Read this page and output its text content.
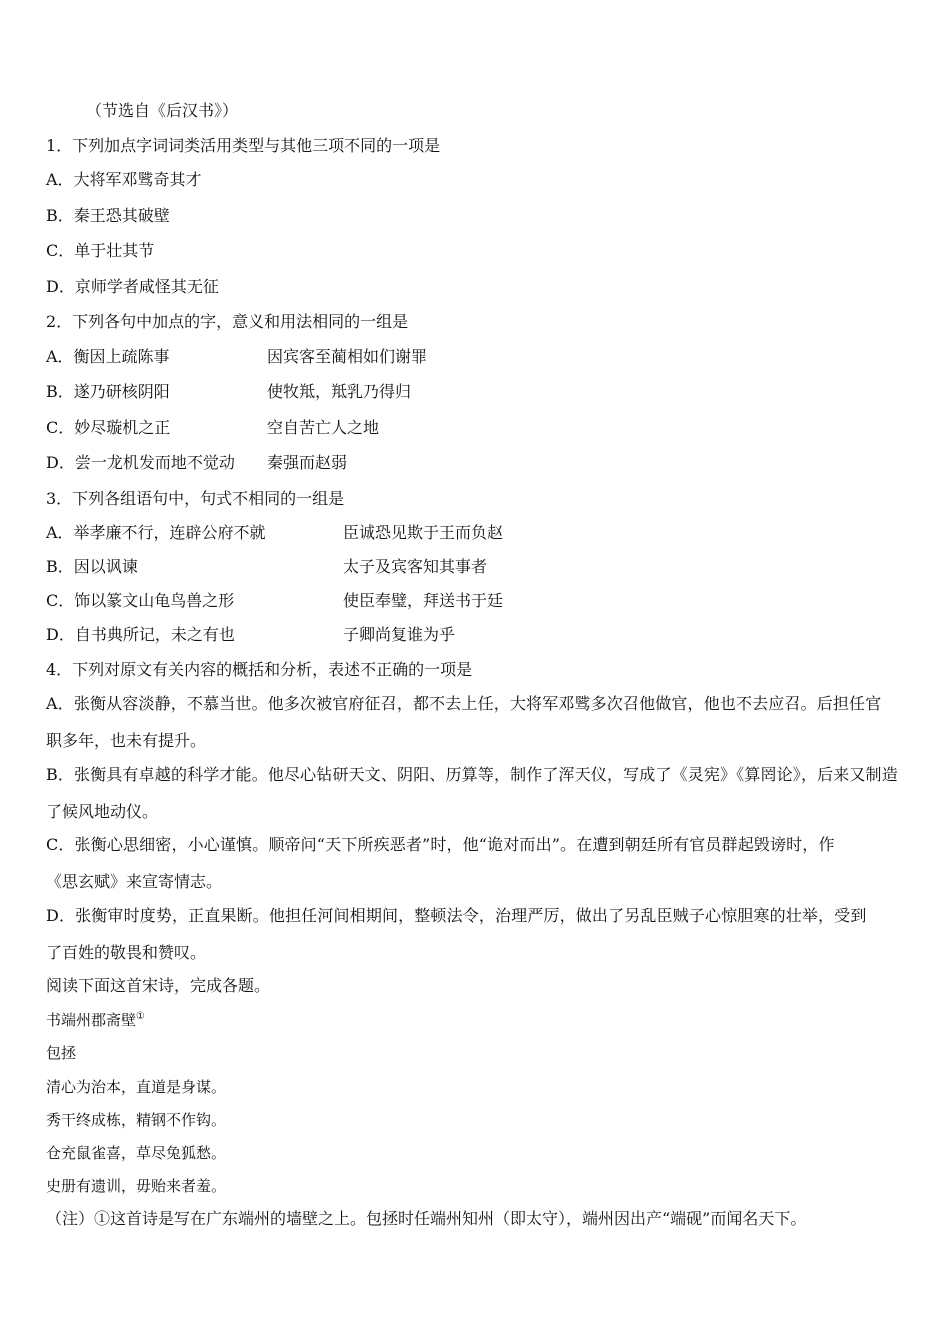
（节选自《后汉书》）
1．下列加点字词词类活用类型与其他三项不同的一项是
A．大将军邓骘奇其才
B．秦王恐其破壁
C．单于壮其节
D．京师学者咸怪其无征
2．下列各句中加点的字，意义和用法相同的一组是
A．衡因上疏陈事	因宾客至蔺相如们谢罪
B．遂乃研核阴阳	使牧羝，羝乳乃得归
C．妙尽璇机之正	空自苦亡人之地
D．尝一龙机发而地不觉动 秦强而赵弱
3．下列各组语句中，句式不相同的一组是
A．举孝廉不行，连辟公府不就	臣诚恐见欺于王而负赵
B．因以讽谏	太子及宾客知其事者
C．饰以篆文山龟鸟兽之形	使臣奉璧，拜送书于廷
D．自书典所记，未之有也	子卿尚复谁为乎
4．下列对原文有关内容的概括和分析，表述不正确的一项是
A．张衡从容淡静，不慕当世。他多次被官府征召，都不去上任，大将军邓骘多次召他做官，他也不去应召。后担任官
职多年，也未有提升。
B．张衡具有卓越的科学才能。他尽心钻研天文、阴阳、历算等，制作了浑天仪，写成了《灵宪》《算罔论》，后来又制造
了候风地动仪。
C．张衡心思细密，小心谨慎。顺帝问“天下所疾恶者”时，他“诡对而出”。在遭到朝廷所有官员群起毁谤时，作
《思玄赋》来宣寄情志。
D．张衡审时度势，正直果断。他担任河间相期间，整顿法令，治理严厉，做出了另乱臣贼子心惊胆寒的壮举，受到
了百姓的敬畏和赞叹。
阅读下面这首宋诗，完成各题。
书端州郡斋壁①
包拯
清心为治本，直道是身谋。
秀干终成栋，精钢不作钩。
仓充鼠雀喜，草尽兔狐愁。
史册有遗训，毋贻来者羞。
（注）①这首诗是写在广东端州的墙壁之上。包拯时任端州知州（即太守），端州因出产“端砚”而闻名天下。
